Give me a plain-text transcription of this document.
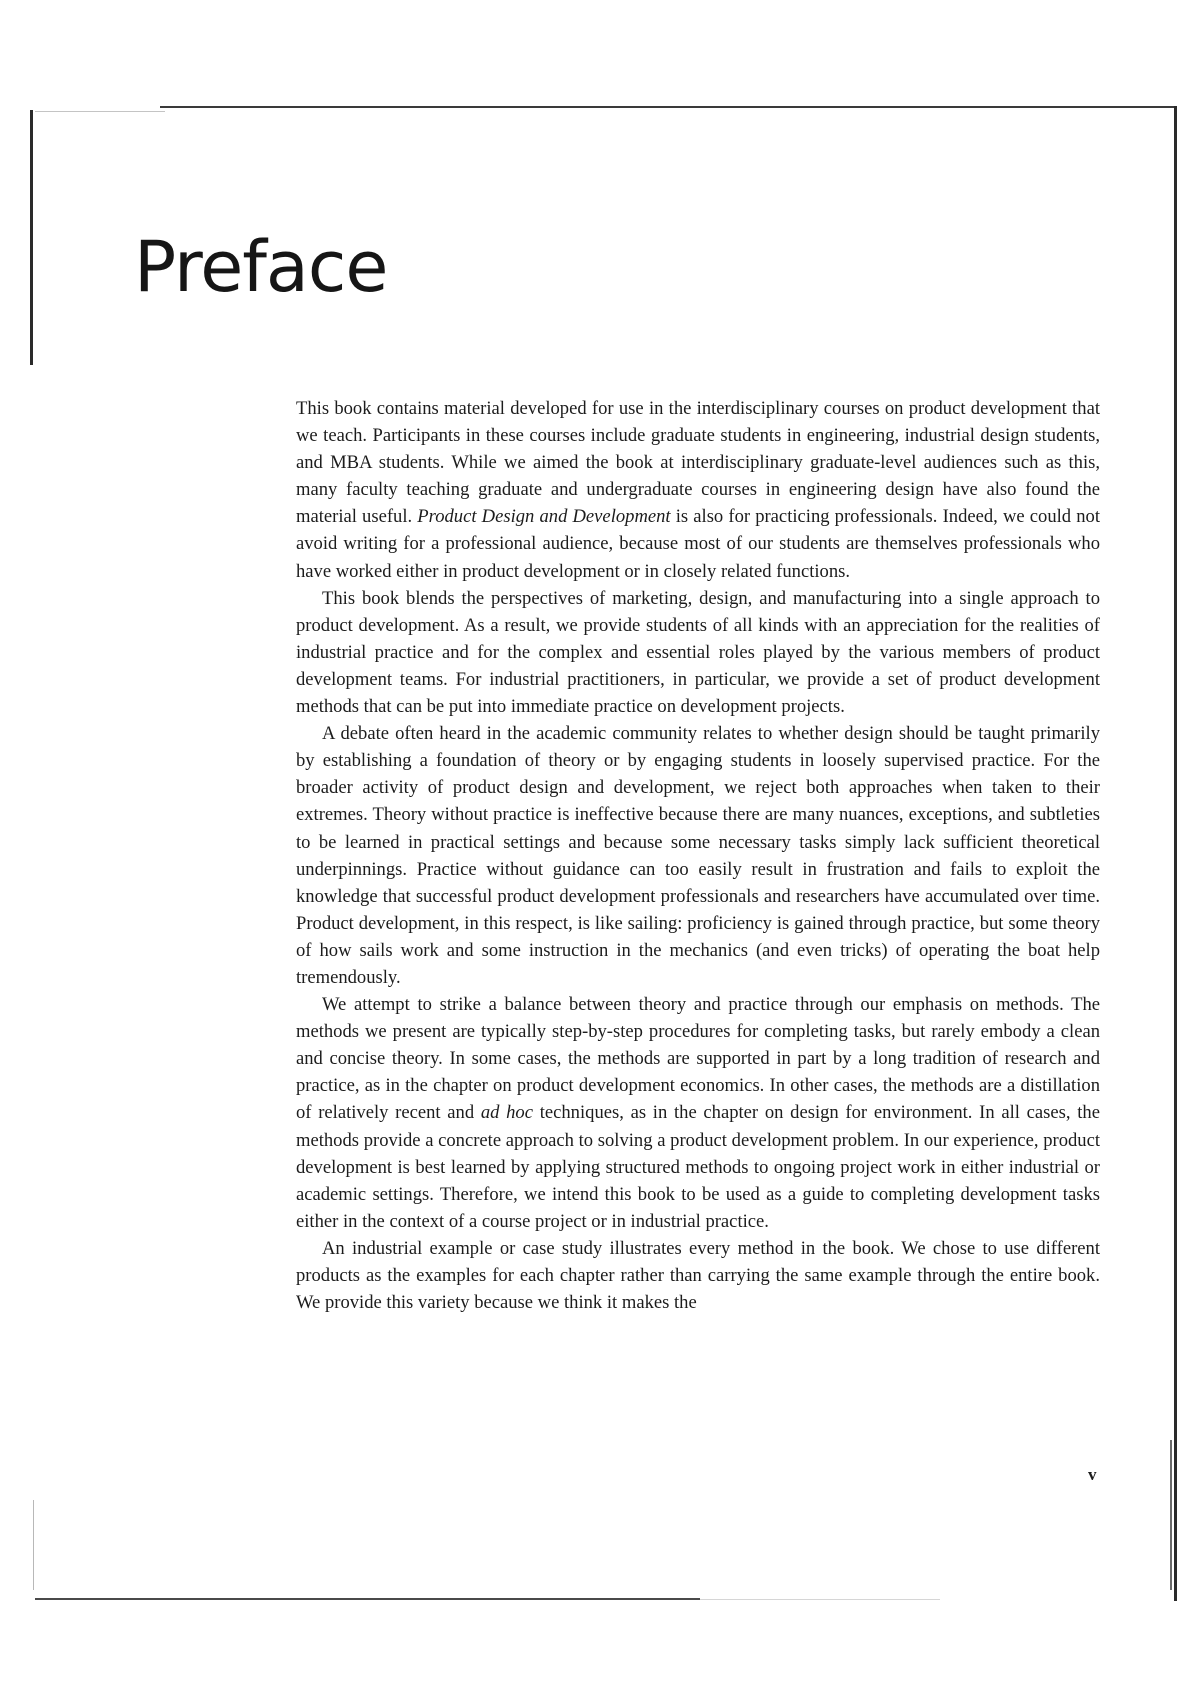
Preface

This book contains material developed for use in the interdisciplinary courses on product development that we teach. Participants in these courses include graduate students in engineering, industrial design students, and MBA students. While we aimed the book at interdisciplinary graduate-level audiences such as this, many faculty teaching graduate and undergraduate courses in engineering design have also found the material useful. Product Design and Development is also for practicing professionals. Indeed, we could not avoid writing for a professional audience, because most of our students are themselves professionals who have worked either in product development or in closely related functions.

This book blends the perspectives of marketing, design, and manufacturing into a single approach to product development. As a result, we provide students of all kinds with an appreciation for the realities of industrial practice and for the complex and essential roles played by the various members of product development teams. For industrial practitioners, in particular, we provide a set of product development methods that can be put into immediate practice on development projects.

A debate often heard in the academic community relates to whether design should be taught primarily by establishing a foundation of theory or by engaging students in loosely supervised practice. For the broader activity of product design and development, we reject both approaches when taken to their extremes. Theory without practice is ineffective because there are many nuances, exceptions, and subtleties to be learned in practical settings and because some necessary tasks simply lack sufficient theoretical underpinnings. Practice without guidance can too easily result in frustration and fails to exploit the knowledge that successful product development professionals and researchers have accumulated over time. Product development, in this respect, is like sailing: proficiency is gained through practice, but some theory of how sails work and some instruction in the mechanics (and even tricks) of operating the boat help tremendously.

We attempt to strike a balance between theory and practice through our emphasis on methods. The methods we present are typically step-by-step procedures for completing tasks, but rarely embody a clean and concise theory. In some cases, the methods are supported in part by a long tradition of research and practice, as in the chapter on product development economics. In other cases, the methods are a distillation of relatively recent and ad hoc techniques, as in the chapter on design for environment. In all cases, the methods provide a concrete approach to solving a product development problem. In our experience, product development is best learned by applying structured methods to ongoing project work in either industrial or academic settings. Therefore, we intend this book to be used as a guide to completing development tasks either in the context of a course project or in industrial practice.

An industrial example or case study illustrates every method in the book. We chose to use different products as the examples for each chapter rather than carrying the same example through the entire book. We provide this variety because we think it makes the

v
